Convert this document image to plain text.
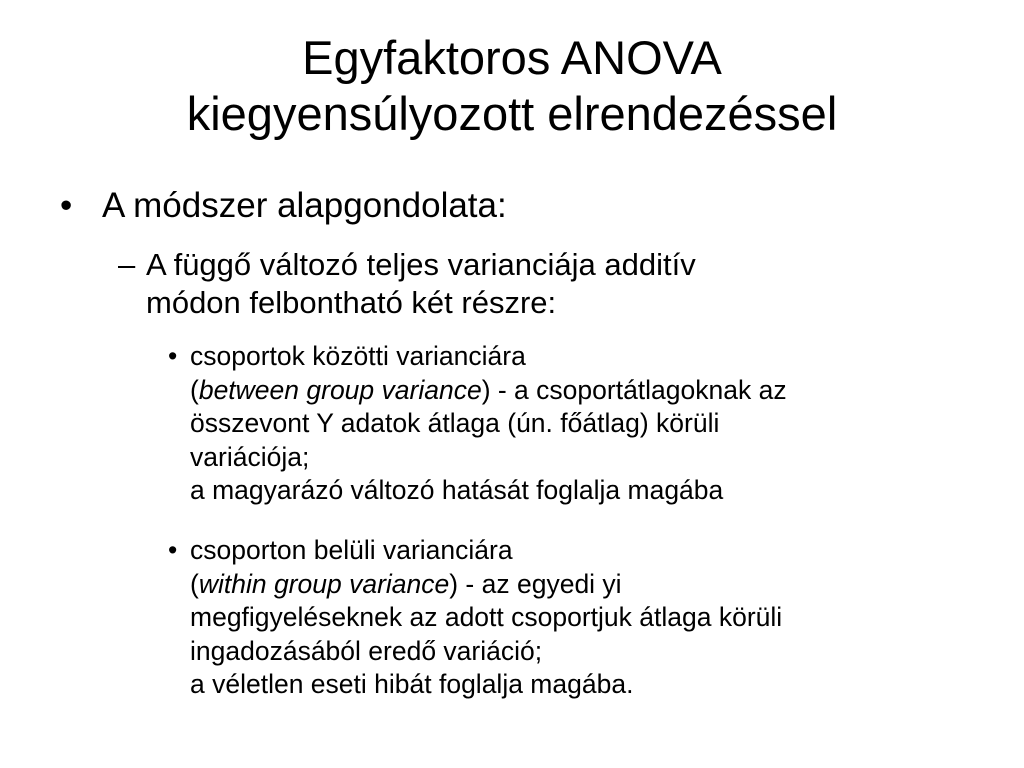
Egyfaktoros ANOVA
kiegyensúlyozott elrendezéssel
• A módszer alapgondolata:
– A függő változó teljes varianciája additív
módon felbontható két részre:
• csoportok közötti varianciára
(between group variance) - a csoportátlagoknak az
összevont Y adatok átlaga (ún. főátlag) körüli
variációja;
a magyarázó változó hatását foglalja magába
• csoporton belüli varianciára
(within group variance) - az egyedi yi
megfigyeléseknek az adott csoportjuk átlaga körüli
ingadozásából eredő variáció;
a véletlen eseti hibát foglalja magába.
